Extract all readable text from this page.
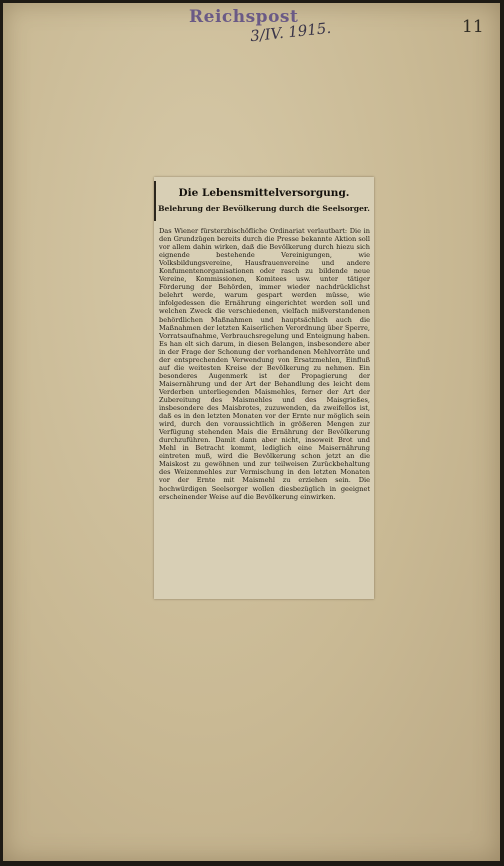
Reichspost
3/IV. 1915.	11
Die Lebensmittelversorgung.
Belehrung der Bevölkerung durch die Seelsorger.
Das Wiener fürsterzbischöfliche Ordinariat verlautbart: Die in den Grundzügen bereits durch die Presse bekannte Aktion soll vor allem dahin wirken, daß die Bevölkerung durch hiezu sich eignende bestehende Vereinigungen, wie Volksbildungsvereine, Hausfrauenvereine und andere Konfumentenorganisationen oder rasch zu bildende neue Vereine, Kommissionen, Komitees usw. unter tätiger Förderung der Behörden, immer wieder nachdrücklichst belehrt werde, warum gespart werden müsse, wie infolgedessen die Ernährung eingerichtet werden soll und welchen Zweck die verschiedenen, vielfach mißverstandenen behördlichen Maßnahmen und hauptsächlich auch die Maßnahmen der letzten Kaiserlichen Verordnung über Sperre, Vorratsaufnahme, Verbrauchsregelung und Enteignung haben. Es han elt sich darum, in diesen Belangen, insbesondere aber in der Frage der Schonung der vorhandenen Mehlvorräte und der entsprechenden Verwendung von Ersatzmehlen, Einfluß auf die weitesten Kreise der Bevölkerung zu nehmen. Ein besonderes Augenmerk ist der Propagierung der Maisernährung und der Art der Behandlung des leicht dem Verderben unterliegenden Maismehles, ferner der Art der Zubereitung des Maismehles und des Maisgrießes, insbesondere des Maisbrotes, zuzuwenden, da zweifellos ist, daß es in den letzten Monaten vor der Ernte nur möglich sein wird, durch den voraussichtlich in größeren Mengen zur Verfügung stehenden Mais die Ernährung der Bevölkerung durchzuführen. Damit dann aber nicht, insoweit Brot und Mehl in Betracht kommt, lediglich eine Maisernährung eintreten muß, wird die Bevölkerung schon jetzt an die Maiskost zu gewöhnen und zur teilweisen Zurückbehaltung des Weizenmehles zur Vermischung in den letzten Monaten vor der Ernte mit Maismehl zu erziehen sein. Die hochwürdigen Seelsorger wollen diesbezüglich in geeignet erscheinender Weise auf die Bevölkerung einwirken.
